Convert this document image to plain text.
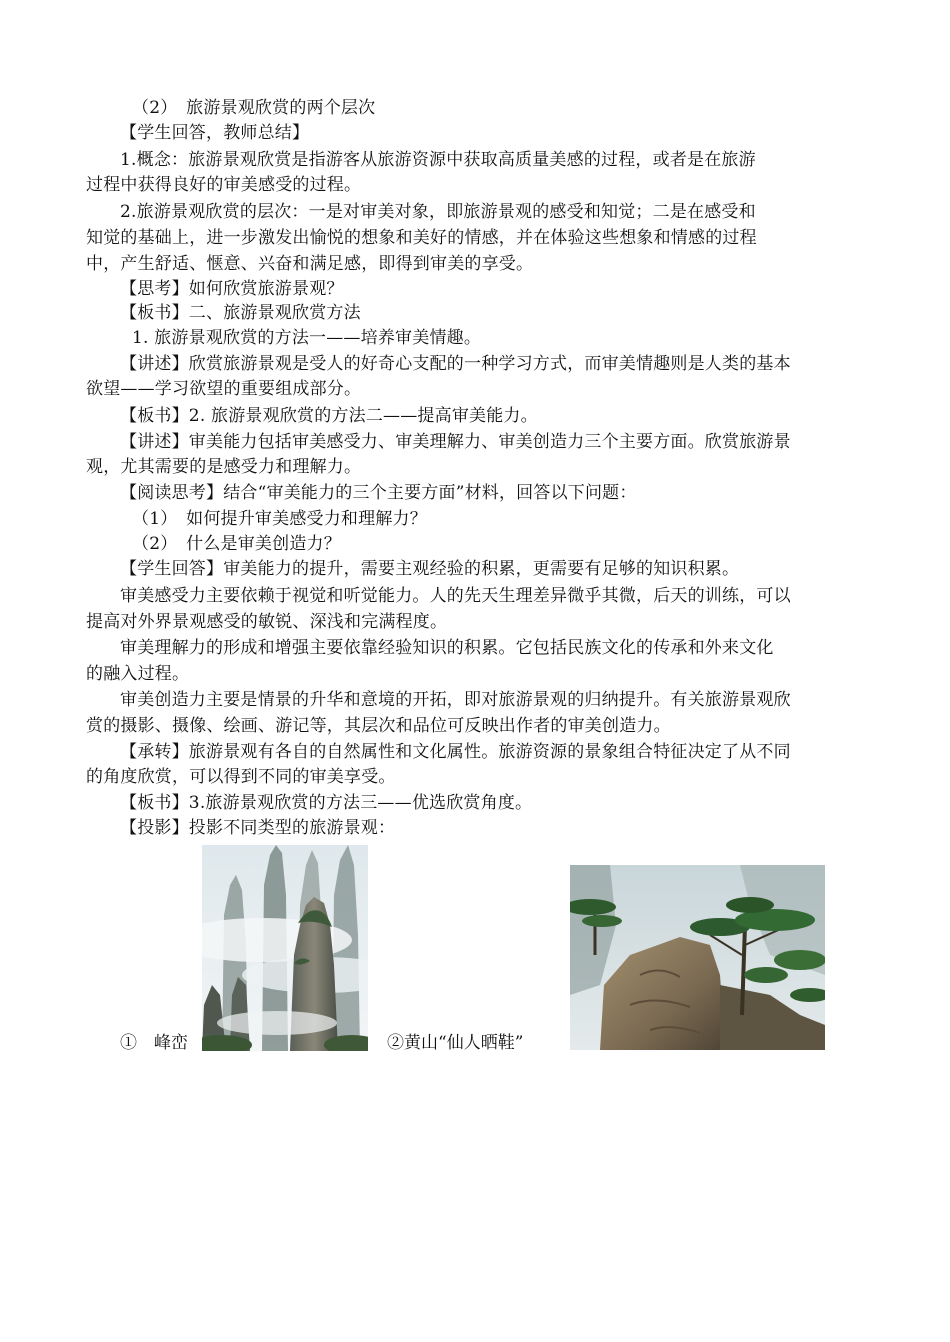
（2）　旅游景观欣赏的两个层次
【学生回答，教师总结】
1.概念：旅游景观欣赏是指游客从旅游资源中获取高质量美感的过程，或者是在旅游
过程中获得良好的审美感受的过程。
2.旅游景观欣赏的层次：一是对审美对象，即旅游景观的感受和知觉；二是在感受和
知觉的基础上，进一步激发出愉悦的想象和美好的情感，并在体验这些想象和情感的过程
中，产生舒适、惬意、兴奋和满足感，即得到审美的享受。
【思考】如何欣赏旅游景观？
【板书】二、旅游景观欣赏方法
1. 旅游景观欣赏的方法一——培养审美情趣。
【讲述】欣赏旅游景观是受人的好奇心支配的一种学习方式，而审美情趣则是人类的基本
欲望——学习欲望的重要组成部分。
【板书】2. 旅游景观欣赏的方法二——提高审美能力。
【讲述】审美能力包括审美感受力、审美理解力、审美创造力三个主要方面。欣赏旅游景
观，尤其需要的是感受力和理解力。
【阅读思考】结合“审美能力的三个主要方面”材料，回答以下问题：
（1）　如何提升审美感受力和理解力？
（2）　什么是审美创造力？
【学生回答】审美能力的提升，需要主观经验的积累，更需要有足够的知识积累。
审美感受力主要依赖于视觉和听觉能力。人的先天生理差异微乎其微，后天的训练，可以
提高对外界景观感受的敏锐、深浅和完满程度。
审美理解力的形成和增强主要依靠经验知识的积累。它包括民族文化的传承和外来文化
的融入过程。
审美创造力主要是情景的升华和意境的开拓，即对旅游景观的归纳提升。有关旅游景观欣
赏的摄影、摄像、绘画、游记等，其层次和品位可反映出作者的审美创造力。
【承转】旅游景观有各自的自然属性和文化属性。旅游资源的景象组合特征决定了从不同
的角度欣赏，可以得到不同的审美享受。
【板书】3.旅游景观欣赏的方法三——优选欣赏角度。
【投影】投影不同类型的旅游景观：
①　峰峦	②黄山“仙人晒鞋”
